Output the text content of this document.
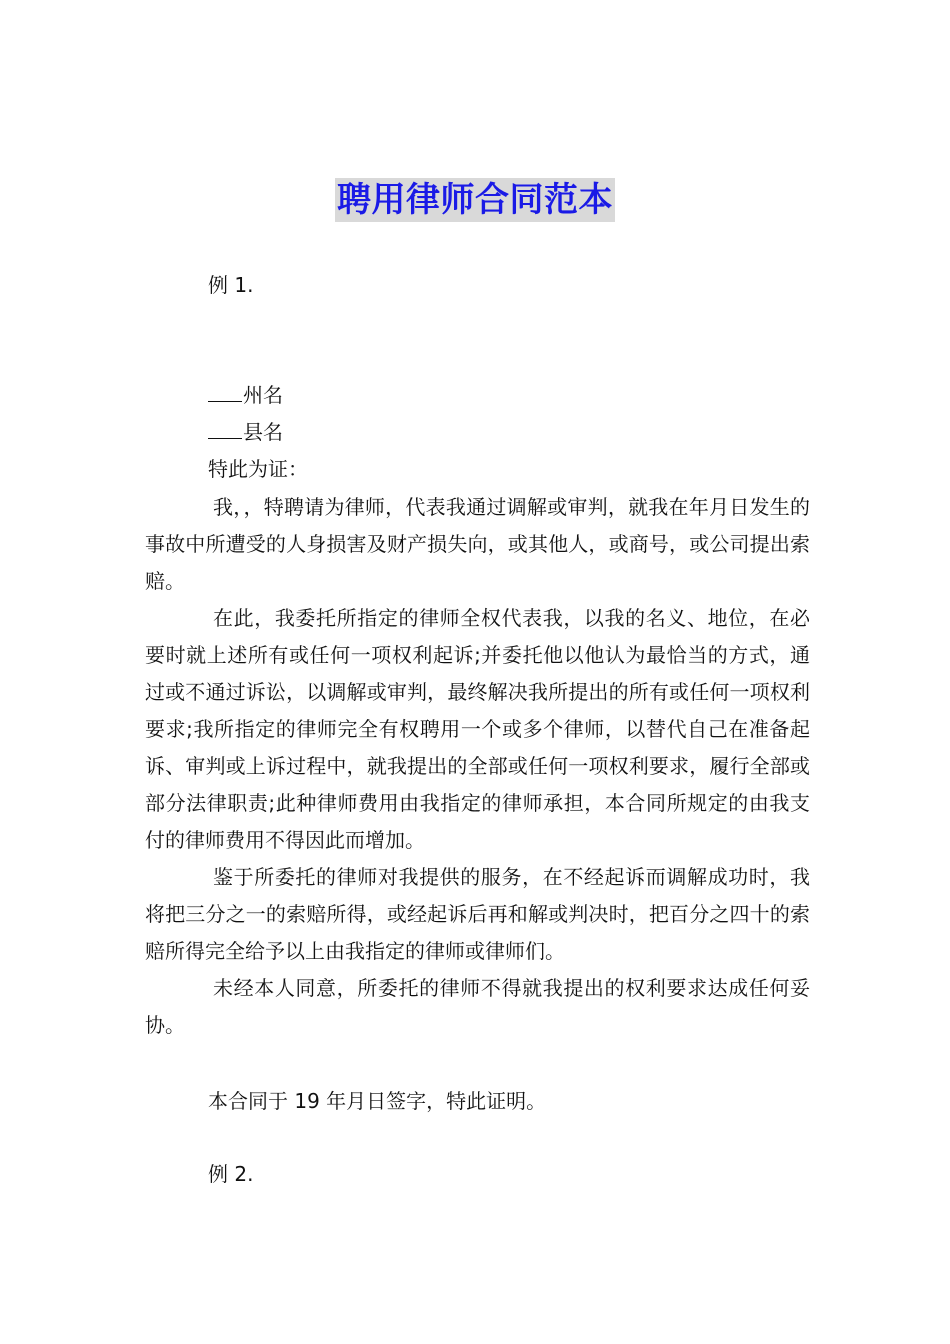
聘用律师合同范本
例 1.
州名
县名
特此为证：

我，，特聘请为律师，代表我通过调解或审判，就我在年月日发生的事故中所遭受的人身损害及财产损失向，或其他人，或商号，或公司提出索赔。

在此，我委托所指定的律师全权代表我，以我的名义、地位，在必要时就上述所有或任何一项权利起诉;并委托他以他认为最恰当的方式，通过或不通过诉讼，以调解或审判，最终解决我所提出的所有或任何一项权利要求;我所指定的律师完全有权聘用一个或多个律师，以替代自己在准备起诉、审判或上诉过程中，就我提出的全部或任何一项权利要求，履行全部或部分法律职责;此种律师费用由我指定的律师承担，本合同所规定的由我支付的律师费用不得因此而增加。

鉴于所委托的律师对我提供的服务，在不经起诉而调解成功时，我将把三分之一的索赔所得，或经起诉后再和解或判决时，把百分之四十的索赔所得完全给予以上由我指定的律师或律师们。

未经本人同意，所委托的律师不得就我提出的权利要求达成任何妥协。

本合同于 19 年月日签字，特此证明。
例 2.
